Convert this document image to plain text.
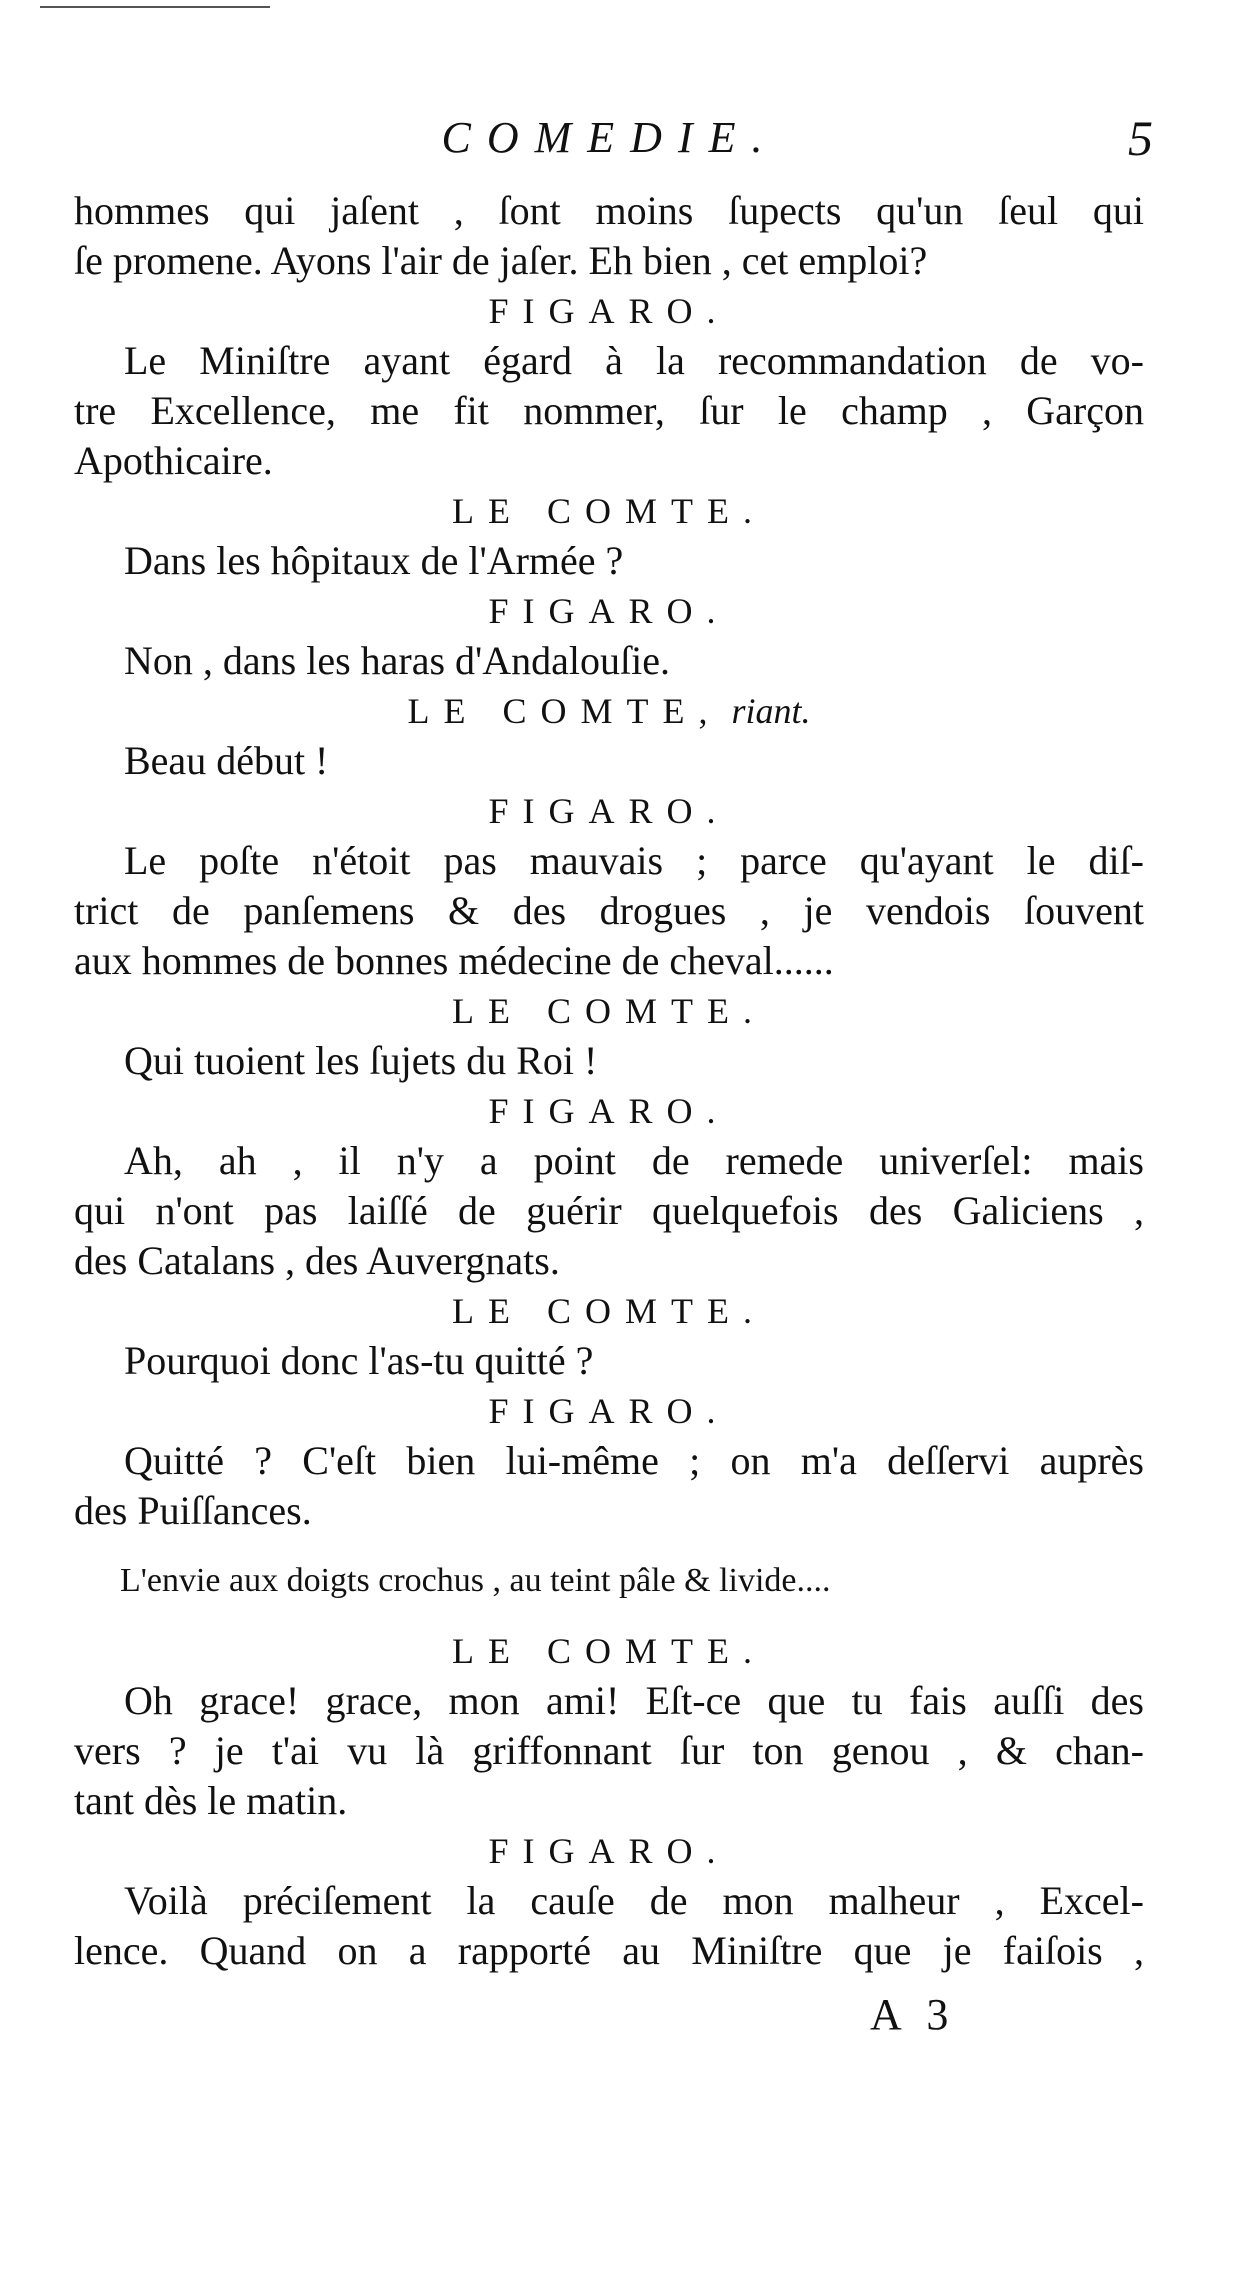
COMEDIE.	5
hommes qui jaſent , ſont moins ſupects qu'un ſeul qui
ſe promene. Ayons l'air de jaſer. Eh bien , cet emploi?
FIGARO.
Le Miniſtre ayant égard à la recommandation de vo-
tre Excellence, me fit nommer, ſur le champ , Garçon
Apothicaire.
LE COMTE.
Dans les hôpitaux de l'Armée ?
FIGARO.
Non , dans les haras d'Andalouſie.
LE COMTE, riant.
Beau début !
FIGARO.
Le poſte n'étoit pas mauvais ; parce qu'ayant le diſ-
trict de panſemens & des drogues , je vendois ſouvent
aux hommes de bonnes médecine de cheval......
LE COMTE.
Qui tuoient les ſujets du Roi !
FIGARO.
Ah, ah , il n'y a point de remede univerſel: mais
qui n'ont pas laiſſé de guérir quelquefois des Galiciens ,
des Catalans , des Auvergnats.
LE COMTE.
Pourquoi donc l'as-tu quitté ?
FIGARO.
Quitté ? C'eſt bien lui-même ; on m'a deſſervi auprès
des Puiſſances.
L'envie aux doigts crochus , au teint pâle & livide....
LE COMTE.
Oh grace! grace, mon ami! Eſt-ce que tu fais auſſi des
vers ? je t'ai vu là griffonnant ſur ton genou , & chan-
tant dès le matin.
FIGARO.
Voilà préciſement la cauſe de mon malheur , Excel-
lence. Quand on a rapporté au Miniſtre que je faiſois ,
A 3
